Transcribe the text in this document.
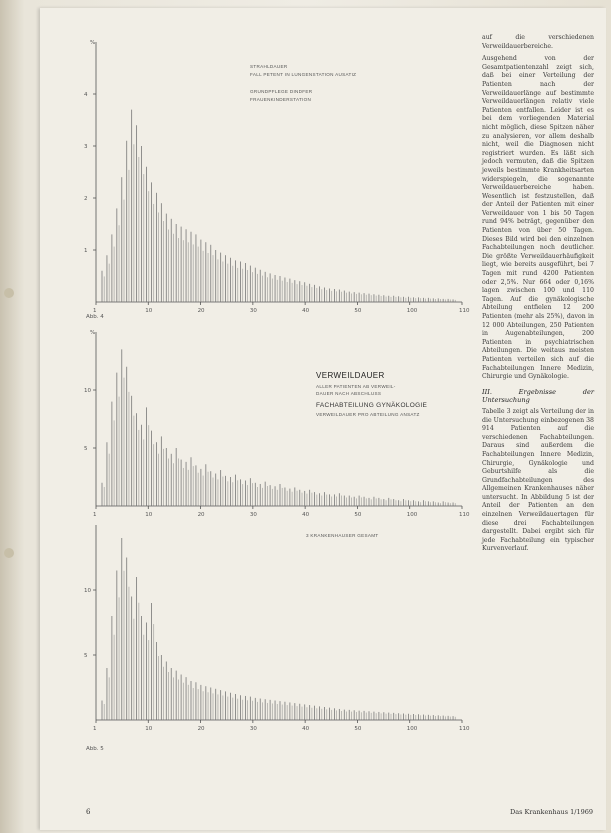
%
4
3
2
1
1	10	20	30	40	50	100	110
STRAHLDAUER
FALL PETENT IN LUNGENSTATION AUSATIZ
GRUNDPFLEGE DINDFER
FRAUENKINDERSTATION
Abb. 4
%
10
5
1	10	20	30	40	50	100	110
VERWEILDAUER
ALLER PATIENTEN AB VERWEIL-
DAUER NACH ABSCHLUSS
FACHABTEILUNG GYNÄKOLOGIE
VERWEILDAUER PRO ABTEILUNG ANSATZ
10
5
1	10	20	30	40	50	100	110
3 KRANKENHAUSER GESAMT
Abb. 5

auf die verschiedenen Verweildauerbereiche.

Ausgehend von der Gesamtpatientenzahl zeigt sich, daß bei einer Verteilung der Patienten nach der Verweildauerlänge auf bestimmte Verweildauerlängen relativ viele Patienten entfallen. Leider ist es bei dem vorliegenden Material nicht möglich, diese Spitzen näher zu analysieren, vor allem deshalb nicht, weil die Diagnosen nicht registriert wurden. Es läßt sich jedoch vermuten, daß die Spitzen jeweils bestimmte Krankheitsarten widerspiegeln, die sogenannte Verweildauerbereiche haben. Wesentlich ist festzustellen, daß der Anteil der Patienten mit einer Verweildauer von 1 bis 50 Tagen rund 94% beträgt, gegenüber den Patienten von über 50 Tagen. Dieses Bild wird bei den einzelnen Fachabteilungen noch deutlicher. Die größte Verweildauerhäufigkeit liegt, wie bereits ausgeführt, bei 7 Tagen mit rund 4200 Patienten oder 2,5%. Nur 664 oder 0,16% lagen zwischen 100 und 110 Tagen. Auf die gynäkologische Abteilung entfielen 12 200 Patienten (mehr als 25%), davon in 12 000 Abteilungen, 250 Patienten in Augenabteilungen, 200 Patienten in psychiatrischen Abteilungen. Die weitaus meisten Patienten verteilen sich auf die Fachabteilungen Innere Medizin, Chirurgie und Gynäkologie.

III. Ergebnisse der Untersuchung

Tabelle 3 zeigt als Verteilung der in die Untersuchung einbezogenen 38 914 Patienten auf die verschiedenen Fachabteilungen. Daraus sind außerdem die Fachabteilungen Innere Medizin, Chirurgie, Gynäkologie und Geburtshilfe als die Grundfachabteilungen des Allgemeinen Krankenhauses näher untersucht. In Abbildung 5 ist der Anteil der Patienten an den einzelnen Verweildauertagen für diese drei Fachabteilungen dargestellt. Dabei ergibt sich für jede Fachabteilung ein typischer Kurvenverlauf.

6	Das Krankenhaus 1/1969
